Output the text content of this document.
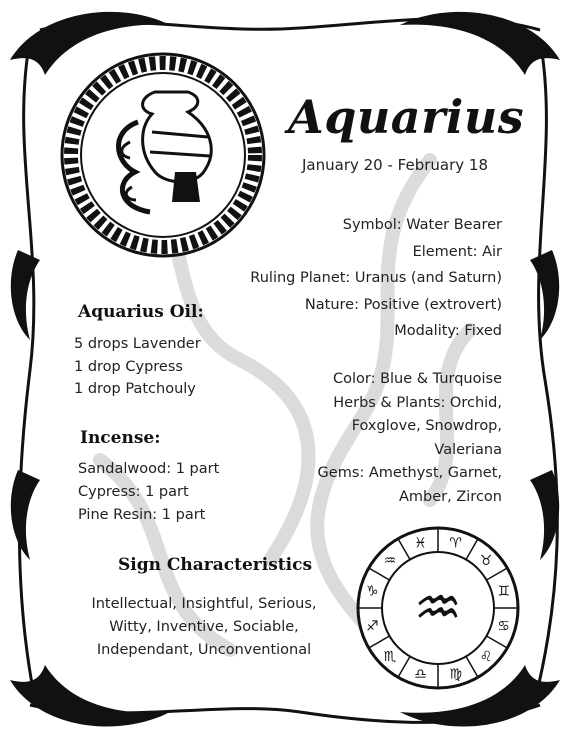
Aquarius
January 20 - February 18
Symbol: Water Bearer
Element: Air
Ruling Planet: Uranus (and Saturn)
Nature: Positive (extrovert)
Modality: Fixed
Color: Blue & Turquoise
Herbs & Plants: Orchid,
Foxglove, Snowdrop,
Valeriana
Gems: Amethyst, Garnet,
Amber, Zircon
Aquarius Oil:
5 drops Lavender
1 drop Cypress
1 drop Patchouly
Incense:
Sandalwood: 1 part
Cypress: 1 part
Pine Resin: 1 part
Sign Characteristics
Intellectual, Insightful, Serious,
Witty, Inventive, Sociable,
Independant, Unconventional
♈
♉
♊
♋
♌
♍
♎
♏
♐
♑
♒
♓
♒
